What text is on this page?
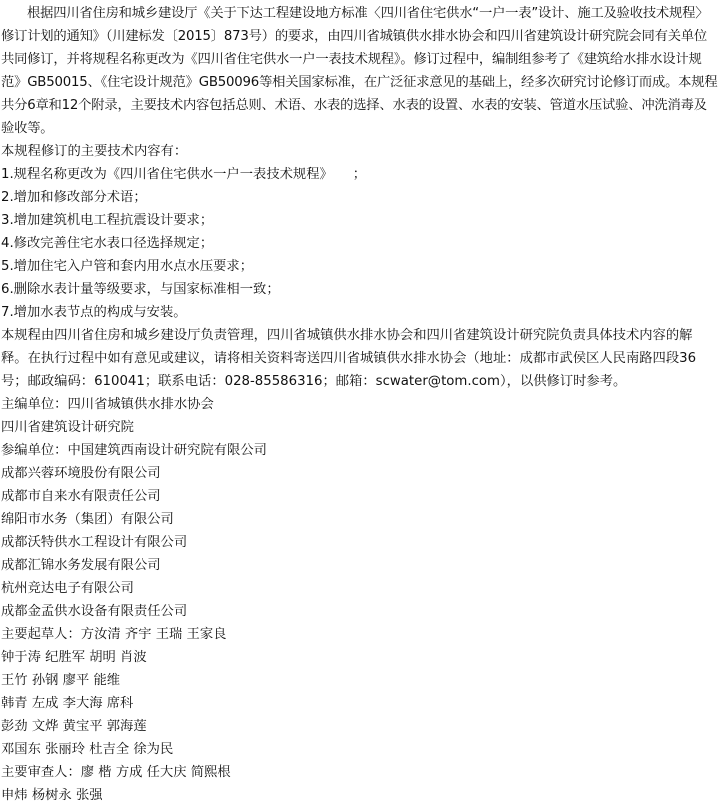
根据四川省住房和城乡建设厅《关于下达工程建设地方标准〈四川省住宅供水“一户一表”设计、施工及验收技术规程〉修订计划的通知》（川建标发〔2015〕873号）的要求，由四川省城镇供水排水协会和四川省建筑设计研究院会同有关单位共同修订，并将规程名称更改为《四川省住宅供水一户一表技术规程》。修订过程中，编制组参考了《建筑给水排水设计规范》GB50015、《住宅设计规范》GB50096等相关国家标准，在广泛征求意见的基础上，经多次研究讨论修订而成。本规程共分6章和12个附录，主要技术内容包括总则、术语、水表的选择、水表的设置、水表的安装、管道水压试验、冲洗消毒及验收等。

本规程修订的主要技术内容有：

1.规程名称更改为《四川省住宅供水一户一表技术规程》　　；

2.增加和修改部分术语；

3.增加建筑机电工程抗震设计要求；

4.修改完善住宅水表口径选择规定；

5.增加住宅入户管和套内用水点水压要求；

6.删除水表计量等级要求，与国家标准相一致；

7.增加水表节点的构成与安装。

本规程由四川省住房和城乡建设厅负责管理，四川省城镇供水排水协会和四川省建筑设计研究院负责具体技术内容的解释。在执行过程中如有意见或建议，请将相关资料寄送四川省城镇供水排水协会（地址：成都市武侯区人民南路四段36号；邮政编码：610041；联系电话：028-85586316；邮箱：scwater@tom.com），以供修订时参考。

主编单位：四川省城镇供水排水协会

四川省建筑设计研究院

参编单位：中国建筑西南设计研究院有限公司

成都兴蓉环境股份有限公司

成都市自来水有限责任公司

绵阳市水务（集团）有限公司

成都沃特供水工程设计有限公司

成都汇锦水务发展有限公司

杭州竞达电子有限公司

成都金孟供水设备有限责任公司

主要起草人：方汝清 齐宇 王瑞 王家良

钟于涛 纪胜军 胡明 肖波

王竹 孙钢 廖平 能维

韩青 左成 李大海 席科

彭劲 文烨 黄宝平 郭海莲

邓国东 张丽玲 杜吉全 徐为民

主要审查人：廖 楷 方成 任大庆 简熙根

申炜 杨树永 张强
